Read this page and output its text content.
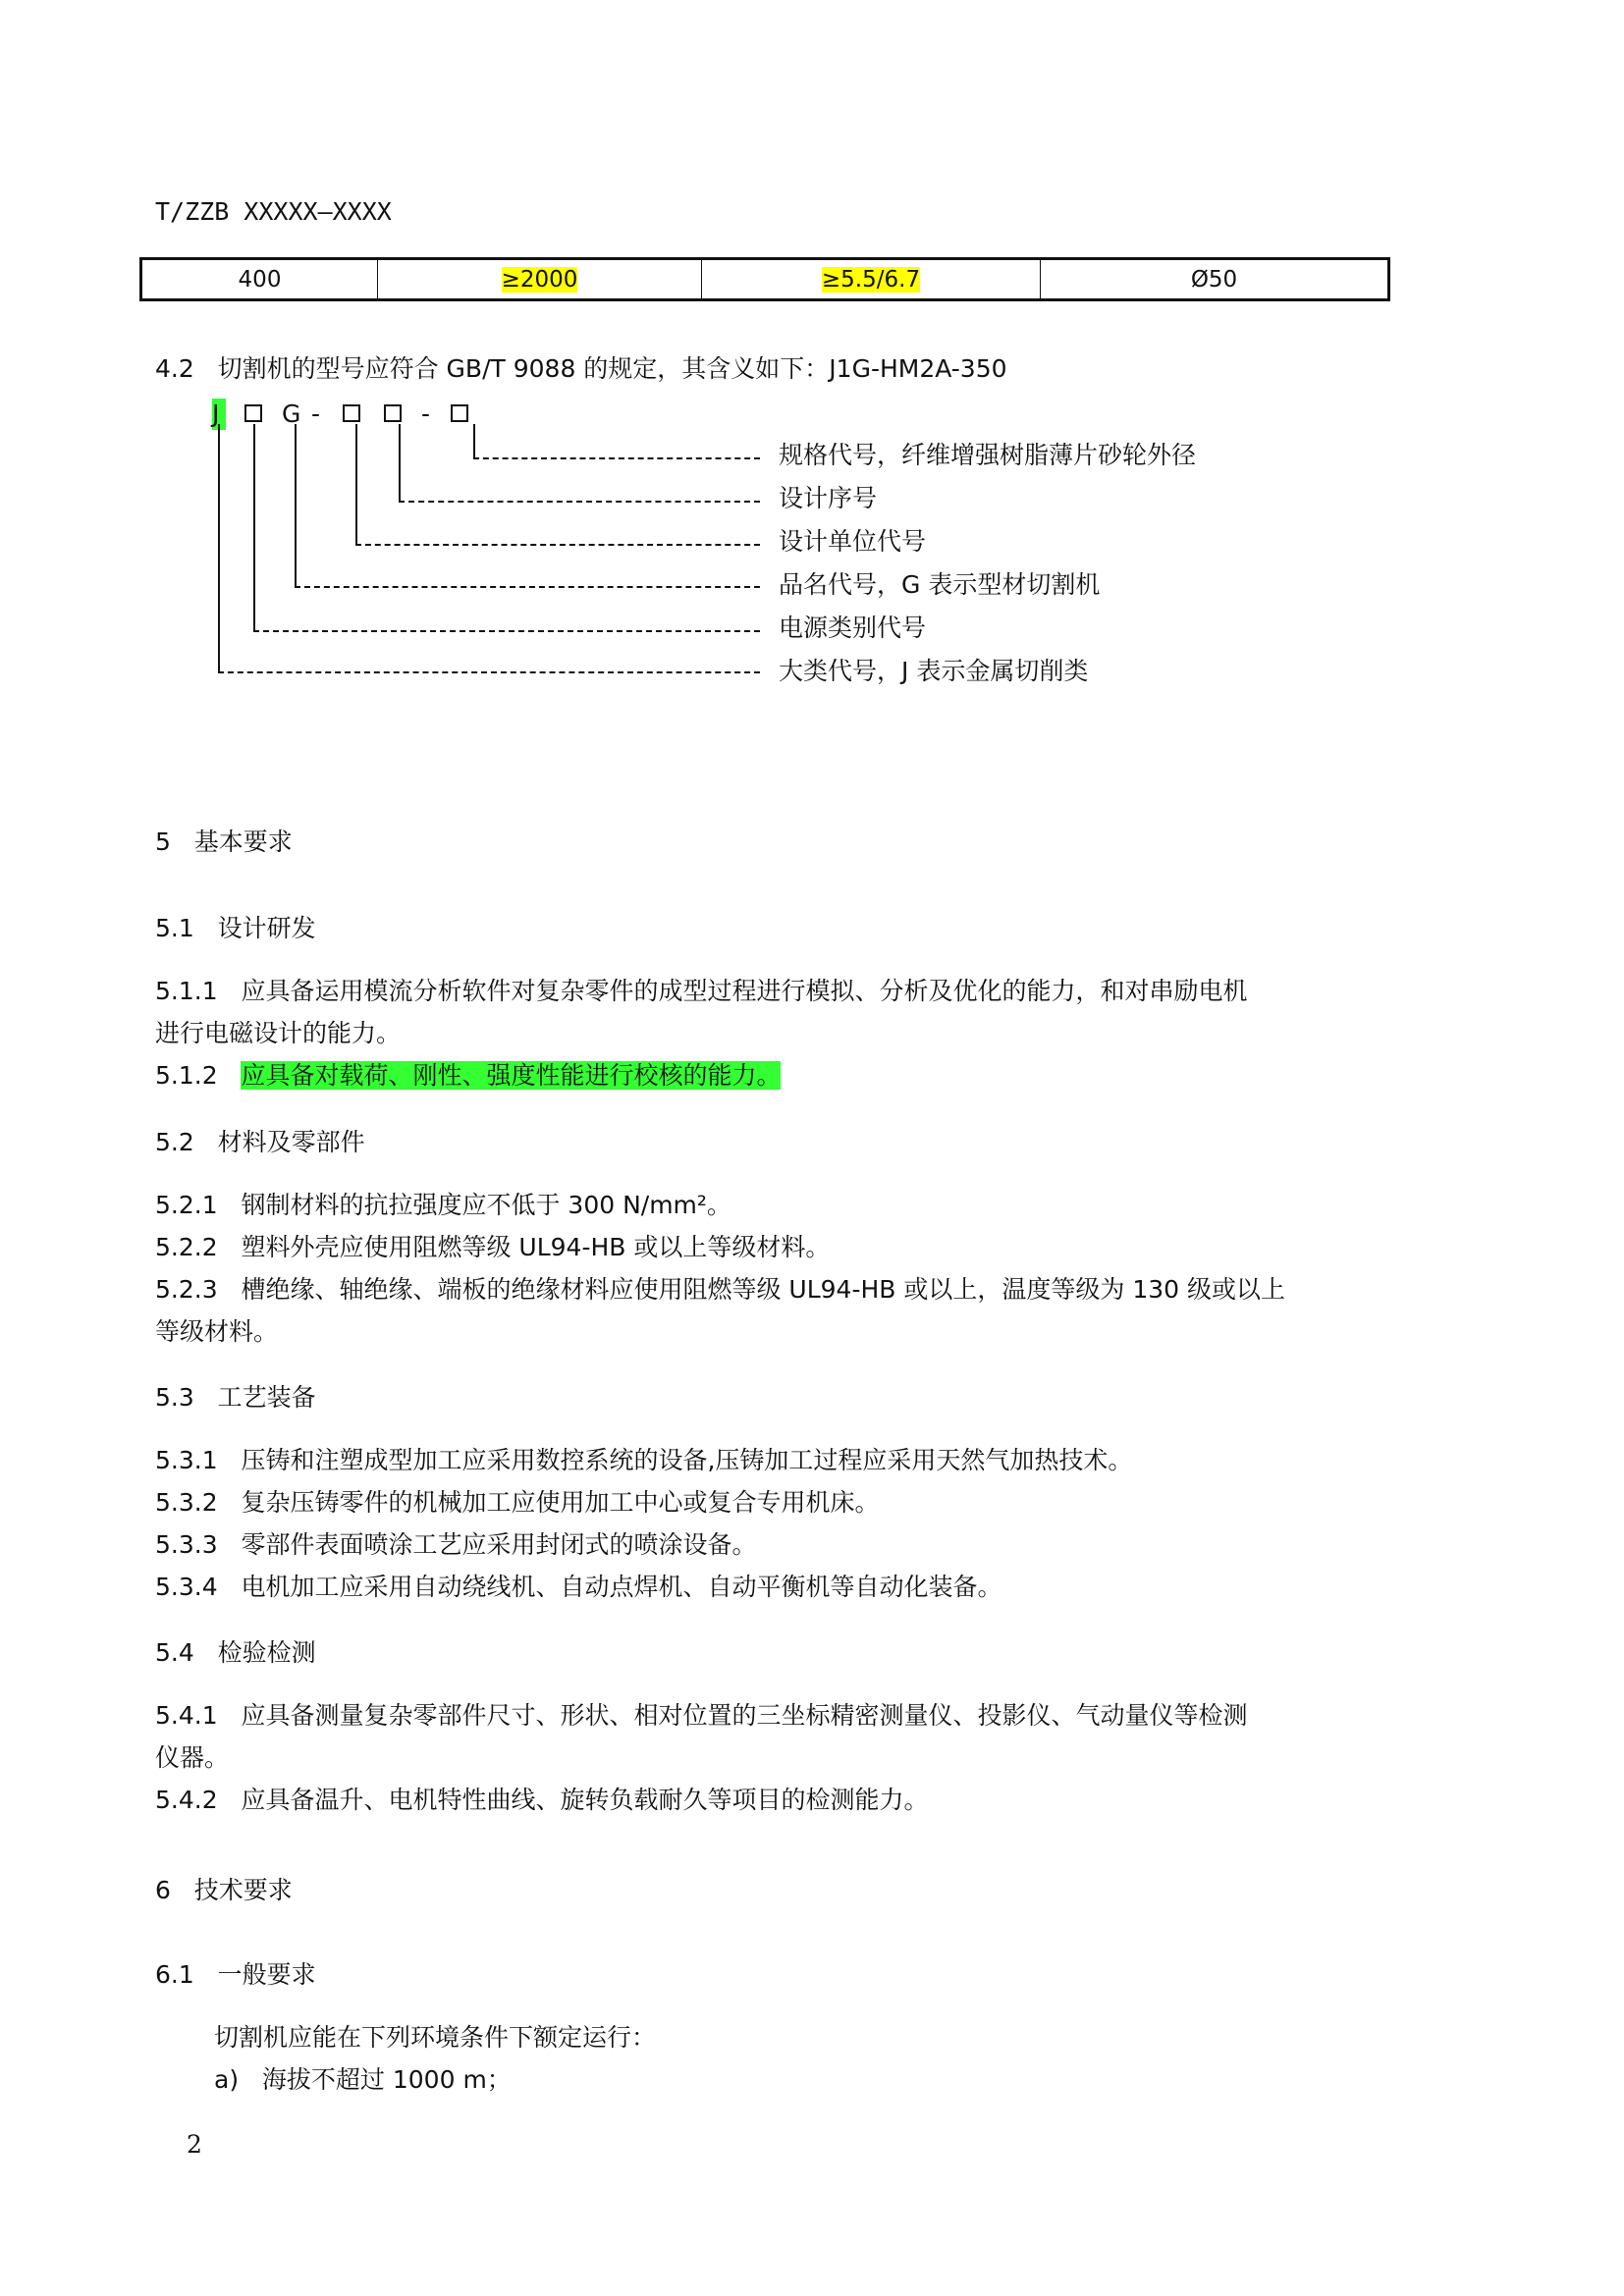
T/ZZB XXXXX—XXXX
400	≥2000	≥5.5/6.7	Ø50
4.2 切割机的型号应符合 GB/T 9088 的规定，其含义如下：J1G-HM2A-350
J	G -	-
规格代号，纤维增强树脂薄片砂轮外径
设计序号
设计单位代号
品名代号，G 表示型材切割机
电源类别代号
大类代号，J 表示金属切削类
5 基本要求
5.1 设计研发
5.1.1 应具备运用模流分析软件对复杂零件的成型过程进行模拟、分析及优化的能力，和对串励电机
进行电磁设计的能力。
5.1.2 应具备对载荷、刚性、强度性能进行校核的能力。
5.2 材料及零部件
5.2.1 钢制材料的抗拉强度应不低于 300 N/mm²。
5.2.2 塑料外壳应使用阻燃等级 UL94-HB 或以上等级材料。
5.2.3 槽绝缘、轴绝缘、端板的绝缘材料应使用阻燃等级 UL94-HB 或以上，温度等级为 130 级或以上
等级材料。
5.3 工艺装备
5.3.1 压铸和注塑成型加工应采用数控系统的设备,压铸加工过程应采用天然气加热技术。
5.3.2 复杂压铸零件的机械加工应使用加工中心或复合专用机床。
5.3.3 零部件表面喷涂工艺应采用封闭式的喷涂设备。
5.3.4 电机加工应采用自动绕线机、自动点焊机、自动平衡机等自动化装备。
5.4 检验检测
5.4.1 应具备测量复杂零部件尺寸、形状、相对位置的三坐标精密测量仪、投影仪、气动量仪等检测
仪器。
5.4.2 应具备温升、电机特性曲线、旋转负载耐久等项目的检测能力。
6 技术要求
6.1 一般要求
切割机应能在下列环境条件下额定运行：
a) 海拔不超过 1000 m；
2
